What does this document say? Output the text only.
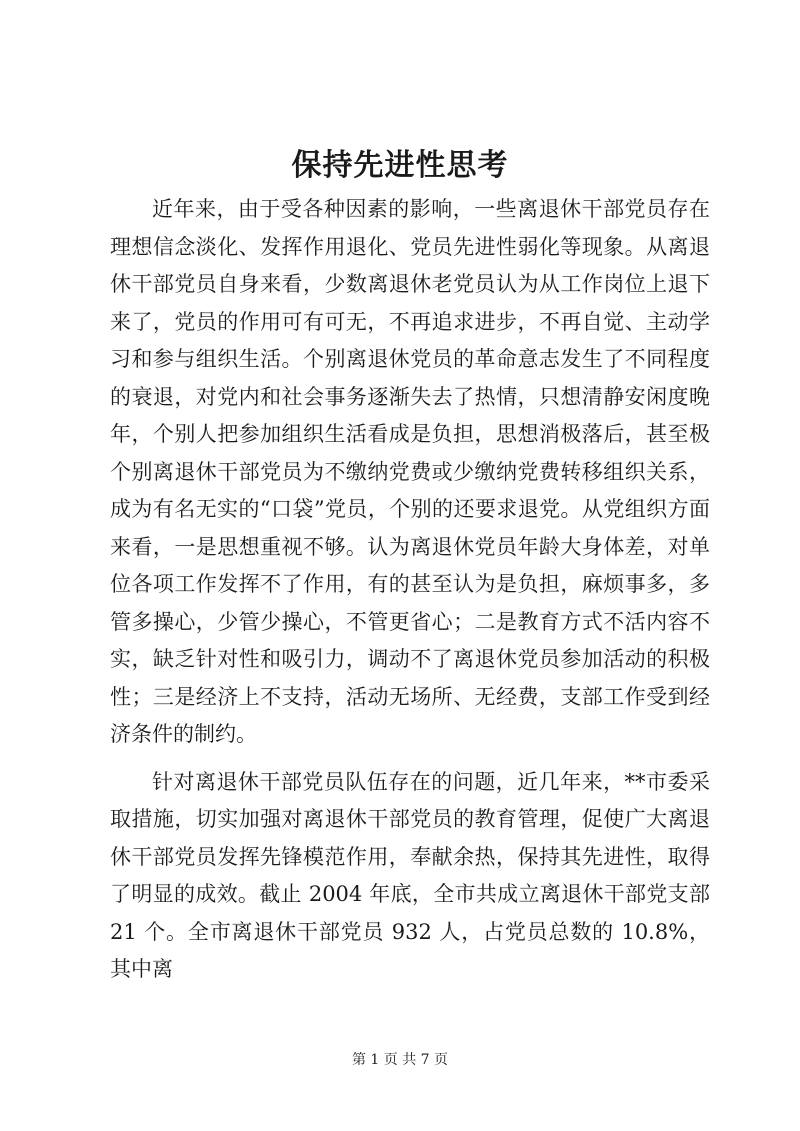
保持先进性思考

近年来，由于受各种因素的影响，一些离退休干部党员存在理想信念淡化、发挥作用退化、党员先进性弱化等现象。从离退休干部党员自身来看，少数离退休老党员认为从工作岗位上退下来了，党员的作用可有可无，不再追求进步，不再自觉、主动学习和参与组织生活。个别离退休党员的革命意志发生了不同程度的衰退，对党内和社会事务逐渐失去了热情，只想清静安闲度晚年，个别人把参加组织生活看成是负担，思想消极落后，甚至极个别离退休干部党员为不缴纳党费或少缴纳党费转移组织关系，成为有名无实的“口袋”党员，个别的还要求退党。从党组织方面来看，一是思想重视不够。认为离退休党员年龄大身体差，对单位各项工作发挥不了作用，有的甚至认为是负担，麻烦事多，多管多操心，少管少操心，不管更省心；二是教育方式不活内容不实，缺乏针对性和吸引力，调动不了离退休党员参加活动的积极性；三是经济上不支持，活动无场所、无经费，支部工作受到经济条件的制约。

针对离退休干部党员队伍存在的问题，近几年来，**市委采取措施，切实加强对离退休干部党员的教育管理，促使广大离退休干部党员发挥先锋模范作用，奉献余热，保持其先进性，取得了明显的成效。截止 2004 年底，全市共成立离退休干部党支部 21 个。全市离退休干部党员 932 人，占党员总数的 10.8%，其中离

第 1 页 共 7 页
